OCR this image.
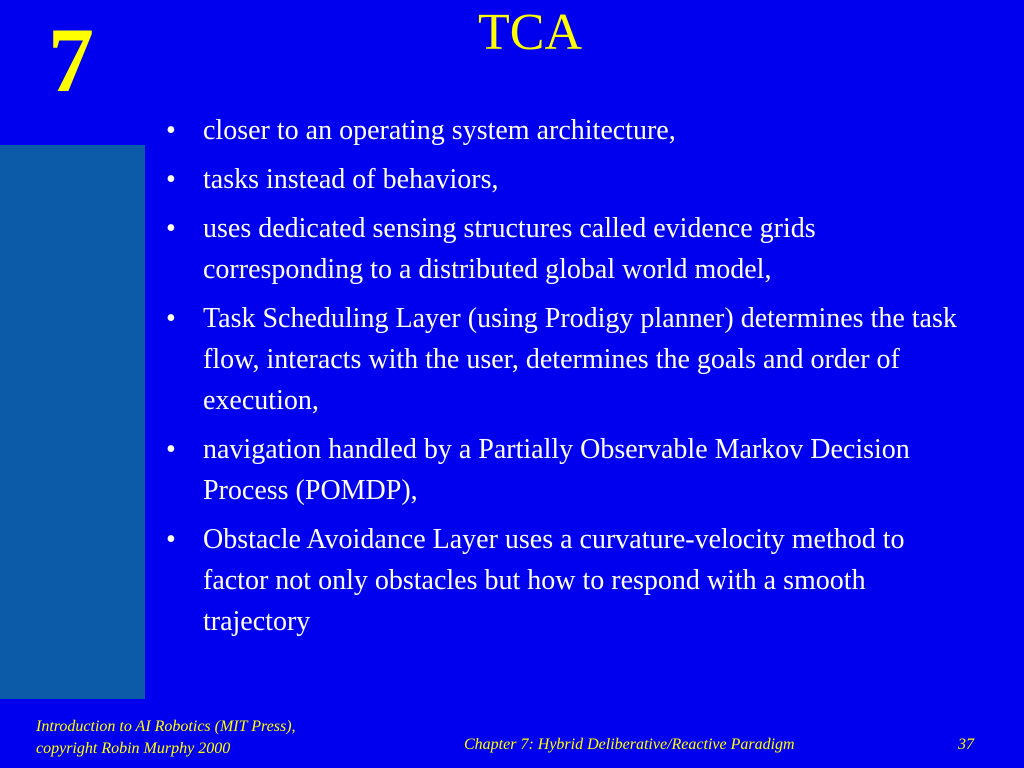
7	TCA
• closer to an operating system architecture,
• tasks instead of behaviors,
• uses dedicated sensing structures called evidence grids corresponding to a distributed global world model,
• Task Scheduling Layer (using Prodigy planner) determines the task flow, interacts with the user, determines the goals and order of execution,
• navigation handled by a Partially Observable Markov Decision Process (POMDP),
• Obstacle Avoidance Layer uses a curvature-velocity method to factor not only obstacles but how to respond with a smooth trajectory
Introduction to AI Robotics (MIT Press),
copyright Robin Murphy 2000	Chapter 7: Hybrid Deliberative/Reactive Paradigm	37
